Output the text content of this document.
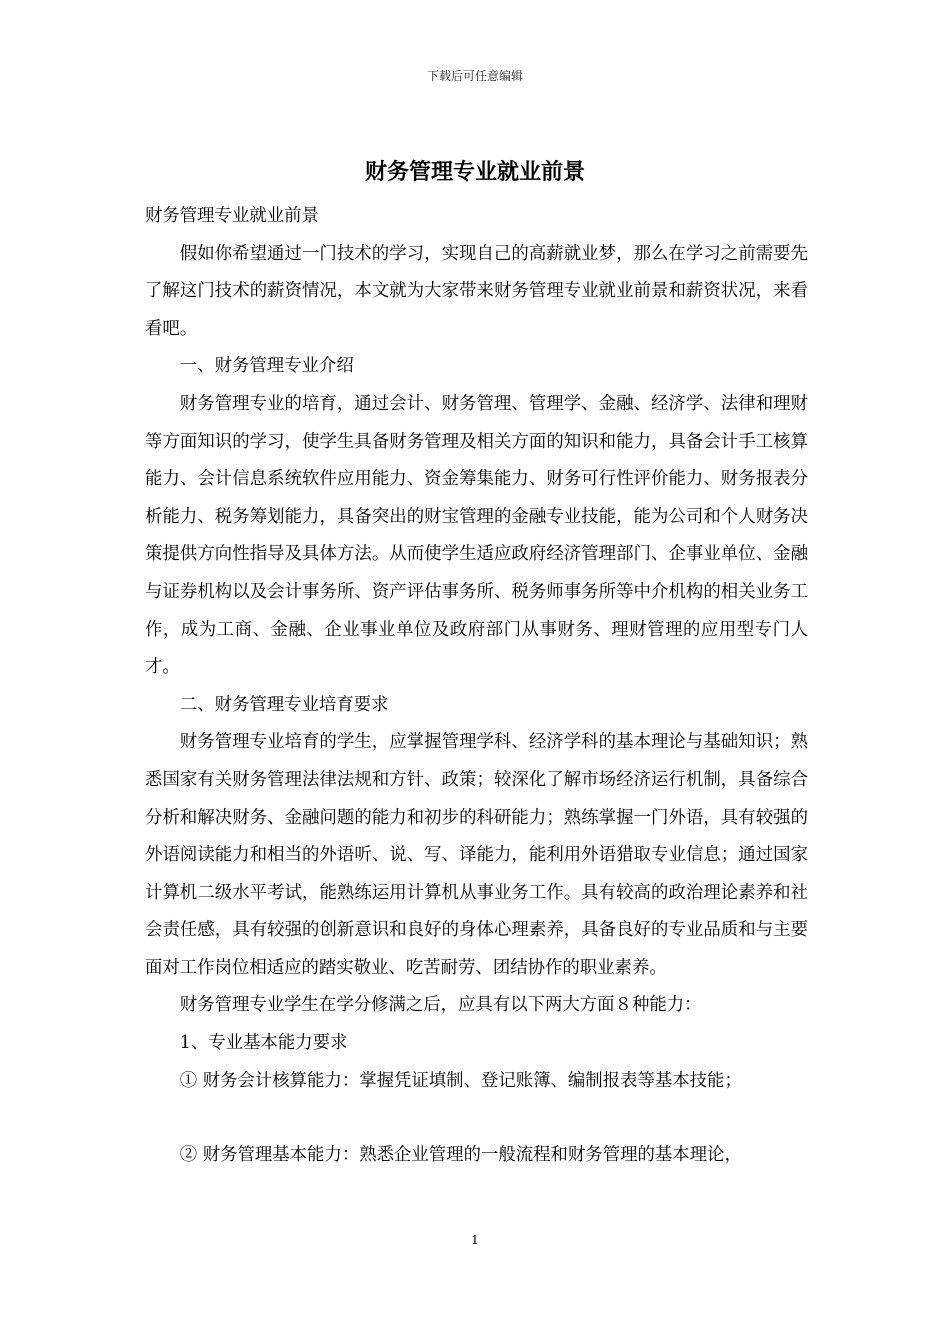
下载后可任意编辑
财务管理专业就业前景

财务管理专业就业前景

假如你希望通过一门技术的学习，实现自己的高薪就业梦，那么在学习之前需要先了解这门技术的薪资情况，本文就为大家带来财务管理专业就业前景和薪资状况，来看看吧。

一、财务管理专业介绍

财务管理专业的培育，通过会计、财务管理、管理学、金融、经济学、法律和理财等方面知识的学习，使学生具备财务管理及相关方面的知识和能力，具备会计手工核算能力、会计信息系统软件应用能力、资金筹集能力、财务可行性评价能力、财务报表分析能力、税务筹划能力，具备突出的财宝管理的金融专业技能，能为公司和个人财务决策提供方向性指导及具体方法。从而使学生适应政府经济管理部门、企事业单位、金融与证券机构以及会计事务所、资产评估事务所、税务师事务所等中介机构的相关业务工作，成为工商、金融、企业事业单位及政府部门从事财务、理财管理的应用型专门人才。

二、财务管理专业培育要求

财务管理专业培育的学生，应掌握管理学科、经济学科的基本理论与基础知识；熟悉国家有关财务管理法律法规和方针、政策；较深化了解市场经济运行机制，具备综合分析和解决财务、金融问题的能力和初步的科研能力；熟练掌握一门外语，具有较强的外语阅读能力和相当的外语听、说、写、译能力，能利用外语猎取专业信息；通过国家计算机二级水平考试，能熟练运用计算机从事业务工作。具有较高的政治理论素养和社会责任感，具有较强的创新意识和良好的身体心理素养，具备良好的专业品质和与主要面对工作岗位相适应的踏实敬业、吃苦耐劳、团结协作的职业素养。

财务管理专业学生在学分修满之后，应具有以下两大方面８种能力：

1、专业基本能力要求

① 财务会计核算能力：掌握凭证填制、登记账簿、编制报表等基本技能；

② 财务管理基本能力：熟悉企业管理的一般流程和财务管理的基本理论，

1
